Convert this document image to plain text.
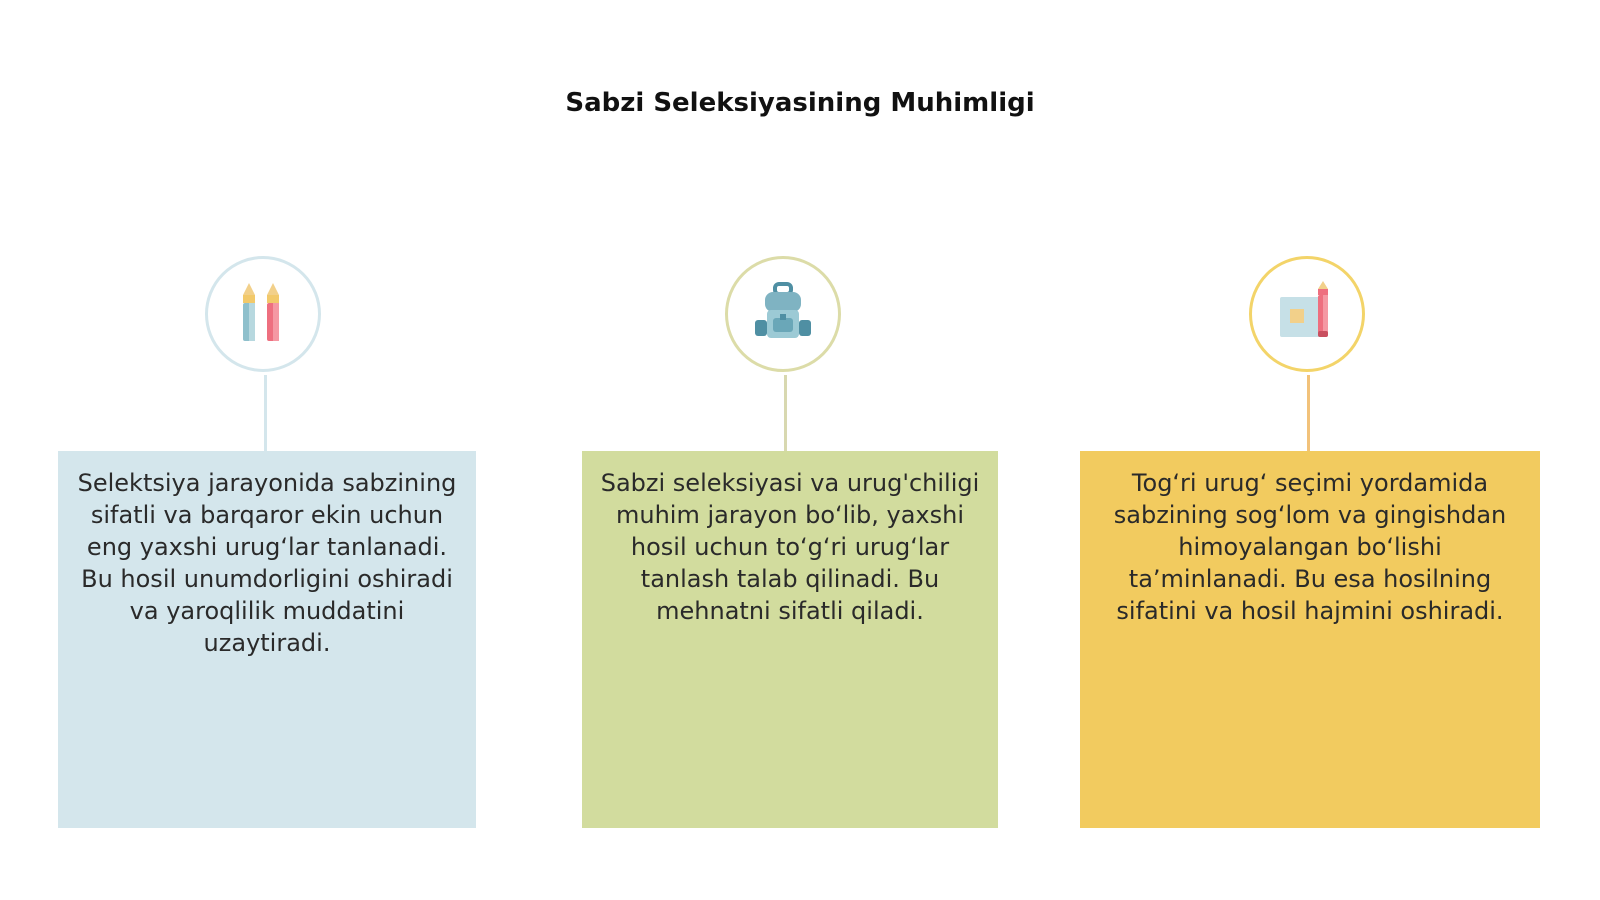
Sabzi Seleksiyasining Muhimligi

Selektsiya jarayonida sabzining sifatli va barqaror ekin uchun eng yaxshi urug‘lar tanlanadi. Bu hosil unumdorligini oshiradi va yaroqlilik muddatini uzaytiradi.

Sabzi seleksiyasi va urug'chiligi muhim jarayon bo‘lib, yaxshi hosil uchun to‘g‘ri urug‘lar tanlash talab qilinadi. Bu mehnatni sifatli qiladi.

Tog‘ri urug‘ seçimi yordamida sabzining sog‘lom va gingishdan himoyalangan bo‘lishi ta’minlanadi. Bu esa hosilning sifatini va hosil hajmini oshiradi.
